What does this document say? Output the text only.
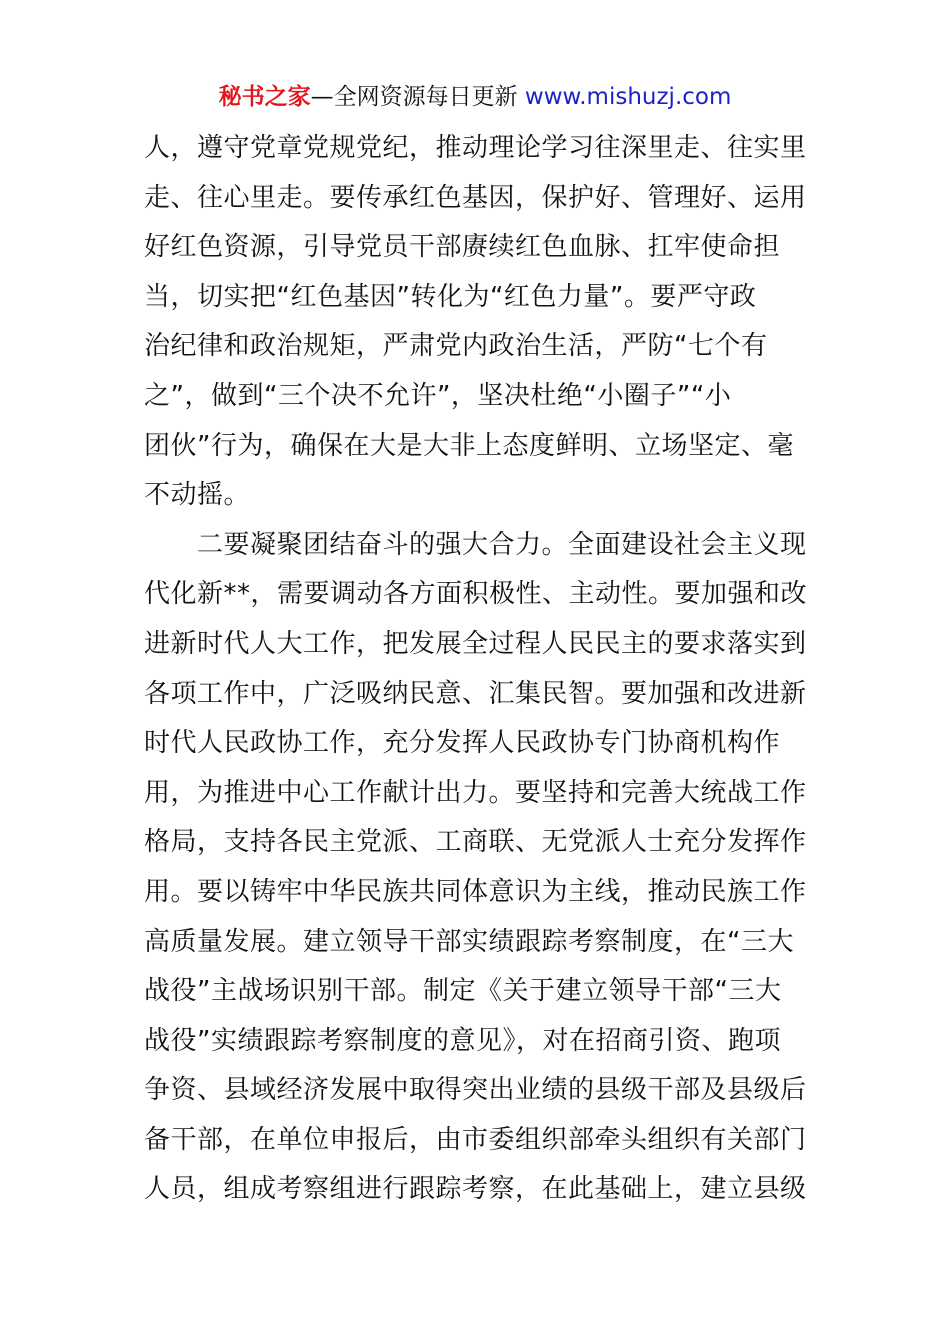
秘书之家—全网资源每日更新 www.mishuzj.com
人，遵守党章党规党纪，推动理论学习往深里走、往实里
走、往心里走。要传承红色基因，保护好、管理好、运用
好红色资源，引导党员干部赓续红色血脉、扛牢使命担
当，切实把“红色基因”转化为“红色力量”。要严守政
治纪律和政治规矩，严肃党内政治生活，严防“七个有
之”，做到“三个决不允许”，坚决杜绝“小圈子”“小
团伙”行为，确保在大是大非上态度鲜明、立场坚定、毫
不动摇。
　　二要凝聚团结奋斗的强大合力。全面建设社会主义现
代化新**，需要调动各方面积极性、主动性。要加强和改
进新时代人大工作，把发展全过程人民民主的要求落实到
各项工作中，广泛吸纳民意、汇集民智。要加强和改进新
时代人民政协工作，充分发挥人民政协专门协商机构作
用，为推进中心工作献计出力。要坚持和完善大统战工作
格局，支持各民主党派、工商联、无党派人士充分发挥作
用。要以铸牢中华民族共同体意识为主线，推动民族工作
高质量发展。建立领导干部实绩跟踪考察制度，在“三大
战役”主战场识别干部。制定《关于建立领导干部“三大
战役”实绩跟踪考察制度的意见》，对在招商引资、跑项
争资、县域经济发展中取得突出业绩的县级干部及县级后
备干部，在单位申报后，由市委组织部牵头组织有关部门
人员，组成考察组进行跟踪考察，在此基础上，建立县级
